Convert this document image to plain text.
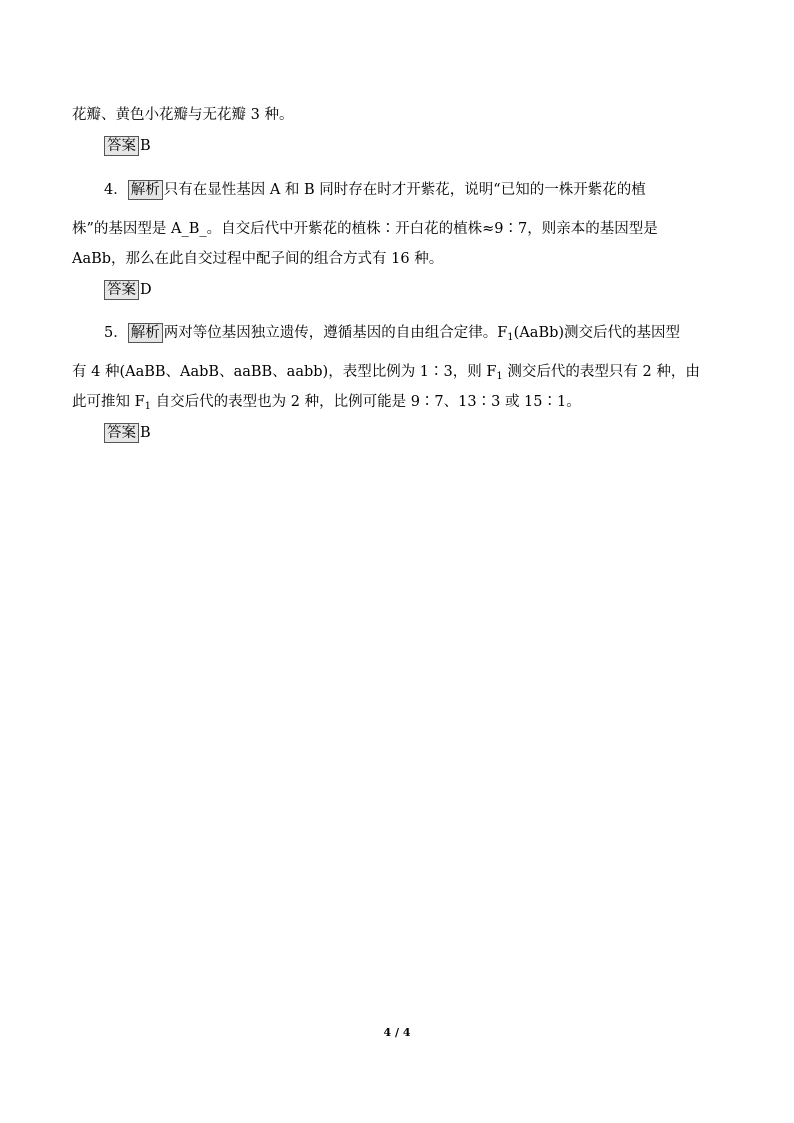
花瓣、黄色小花瓣与无花瓣 3 种。
答案 B
4． 解析 只有在显性基因 A 和 B 同时存在时才开紫花，说明“已知的一株开紫花的植
株”的基因型是 A_B_。自交后代中开紫花的植株∶开白花的植株≈9∶7，则亲本的基因型是
AaBb，那么在此自交过程中配子间的组合方式有 16 种。
答案 D
5． 解析 两对等位基因独立遗传，遵循基因的自由组合定律。$F_1(AaBb)$测交后代的基因型
有 4 种(AaBB、AabB、aaBB、aabb)，表型比例为 1∶3，则 $F_1$ 测交后代的表型只有 2 种，由
此可推知 $F_1$ 自交后代的表型也为 2 种，比例可能是 9∶7、13∶3 或 15∶1。
答案 B
4 / 4
